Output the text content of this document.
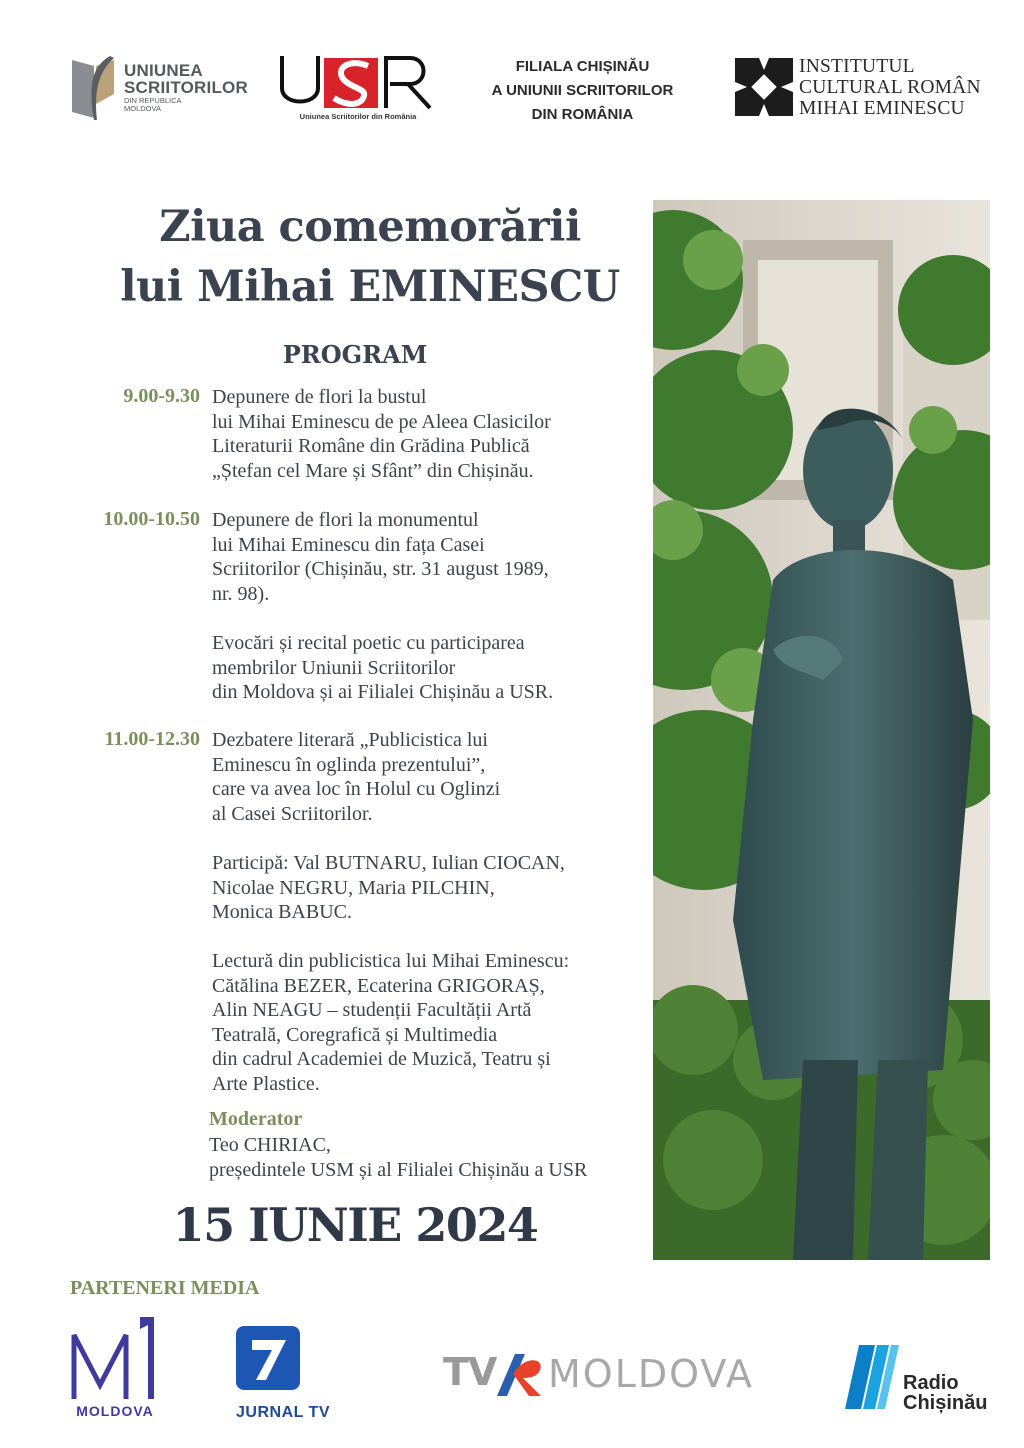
UNIUNEA
SCRIITORILOR
DIN REPUBLICA MOLDOVA
Uniunea Scriitorilor din România
FILIALA CHIȘINĂU
A UNIUNII SCRIITORILOR
DIN ROMÂNIA
INSTITUTUL
CULTURAL ROMÂN
MIHAI EMINESCU
Ziua comemorării
lui Mihai EMINESCU
PROGRAM
9.00-9.30 Depunere de flori la bustul
lui Mihai Eminescu de pe Aleea Clasicilor
Literaturii Române din Grădina Publică
„Ștefan cel Mare și Sfânt” din Chișinău.
10.00-10.50 Depunere de flori la monumentul
lui Mihai Eminescu din fața Casei
Scriitorilor (Chișinău, str. 31 august 1989,
nr. 98).
Evocări și recital poetic cu participarea
membrilor Uniunii Scriitorilor
din Moldova și ai Filialei Chișinău a USR.
11.00-12.30 Dezbatere literară „Publicistica lui
Eminescu în oglinda prezentului”,
care va avea loc în Holul cu Oglinzi
al Casei Scriitorilor.
Participă: Val BUTNARU, Iulian CIOCAN,
Nicolae NEGRU, Maria PILCHIN,
Monica BABUC.
Lectură din publicistica lui Mihai Eminescu:
Cătălina BEZER, Ecaterina GRIGORAȘ,
Alin NEAGU – studenții Facultății Artă
Teatrală, Coregrafică și Multimedia
din cadrul Academiei de Muzică, Teatru și
Arte Plastice.
Moderator
Teo CHIRIAC,
președintele USM și al Filialei Chișinău a USR
15 IUNIE 2024
PARTENERI MEDIA
MOLDOVA	JURNAL TV
TV MOLDOVA	Radio
Chișinău
